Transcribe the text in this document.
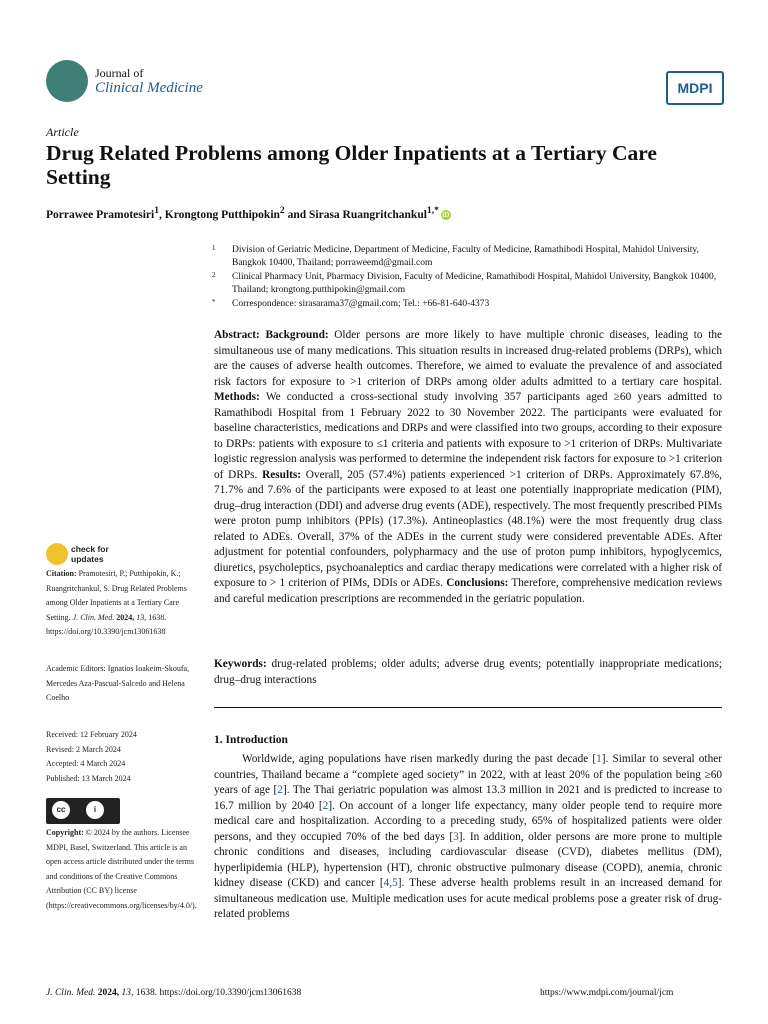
Journal of
Clinical Medicine	MDPI
Article
Drug Related Problems among Older Inpatients at a Tertiary Care Setting
Porrawee Pramotesiri$^1$, Krongtong Putthipokin$^2$ and Sirasa Ruangritchankul$^{1,*}$ iD
1 Division of Geriatric Medicine, Department of Medicine, Faculty of Medicine, Ramathibodi Hospital, Mahidol University, Bangkok 10400, Thailand; porraweemd@gmail.com
2 Clinical Pharmacy Unit, Pharmacy Division, Faculty of Medicine, Ramathibodi Hospital, Mahidol University, Bangkok 10400, Thailand; krongtong.putthipokin@gmail.com
* Correspondence: sirasarama37@gmail.com; Tel.: +66-81-640-4373
Abstract: Background: Older persons are more likely to have multiple chronic diseases, leading to the simultaneous use of many medications. This situation results in increased drug-related problems (DRPs), which are the causes of adverse health outcomes. Therefore, we aimed to evaluate the prevalence of and associated risk factors for exposure to >1 criterion of DRPs among older adults admitted to a tertiary care hospital. Methods: We conducted a cross-sectional study involving 357 participants aged ≥60 years admitted to Ramathibodi Hospital from 1 February 2022 to 30 November 2022. The participants were evaluated for baseline characteristics, medications and DRPs and were classified into two groups, according to their exposure to DRPs: patients with exposure to ≤1 criteria and patients with exposure to >1 criterion of DRPs. Multivariate logistic regression analysis was performed to determine the independent risk factors for exposure to >1 criterion of DRPs. Results: Overall, 205 (57.4%) patients experienced >1 criterion of DRPs. Approximately 67.8%, 71.7% and 7.6% of the participants were exposed to at least one potentially inappropriate medication (PIM), drug–drug interaction (DDI) and adverse drug events (ADE), respectively. The most frequently prescribed PIMs were proton pump inhibitors (PPIs) (17.3%). Antineoplastics (48.1%) were the most frequently drug class related to ADEs. Overall, 37% of the ADEs in the current study were considered preventable ADEs. After adjustment for potential confounders, polypharmacy and the use of proton pump inhibitors, hypoglycemics, diuretics, psycholeptics, psychoanaleptics and cardiac therapy medications were correlated with a higher risk of exposure to > 1 criterion of PIMs, DDIs or ADEs. Conclusions: Therefore, comprehensive medication reviews and careful medication prescriptions are recommended in the geriatric population.
Keywords: drug-related problems; older adults; adverse drug events; potentially inappropriate medications; drug–drug interactions
1. Introduction

Worldwide, aging populations have risen markedly during the past decade [1]. Similar to several other countries, Thailand became a “complete aged society” in 2022, with at least 20% of the population being ≥60 years of age [2]. The Thai geriatric population was almost 13.3 million in 2021 and is predicted to increase to 16.7 million by 2040 [2]. On account of a longer life expectancy, many older people tend to require more medical care and hospitalization. According to a preceding study, 65% of hospitalized patients were older persons, and they occupied 70% of the bed days [3]. In addition, older persons are more prone to multiple chronic conditions and diseases, including cardiovascular disease (CVD), diabetes mellitus (DM), hyperlipidemia (HLP), hypertension (HT), chronic obstructive pulmonary disease (COPD), anemia, chronic kidney disease (CKD) and cancer [4,5]. These adverse health problems result in an increased demand for simultaneous medication use. Multiple medication uses for acute medical problems pose a greater risk of drug-related problems

check for
updates
Citation: Pramotesiri, P.; Putthipokin, K.; Ruangritchankul, S. Drug Related Problems among Older Inpatients at a Tertiary Care Setting. J. Clin. Med. 2024, 13, 1638. https://doi.org/10.3390/jcm13061638
Academic Editors: Ignatios Ioakeim-Skoufa, Mercedes Aza-Pascual-Salcedo and Helena Coelho
Received: 12 February 2024
Revised: 2 March 2024
Accepted: 4 March 2024
Published: 13 March 2024
cc	i
Copyright: © 2024 by the authors. Licensee MDPI, Basel, Switzerland. This article is an open access article distributed under the terms and conditions of the Creative Commons Attribution (CC BY) license (https://creativecommons.org/licenses/by/4.0/).
J. Clin. Med. 2024, 13, 1638. https://doi.org/10.3390/jcm13061638	https://www.mdpi.com/journal/jcm
